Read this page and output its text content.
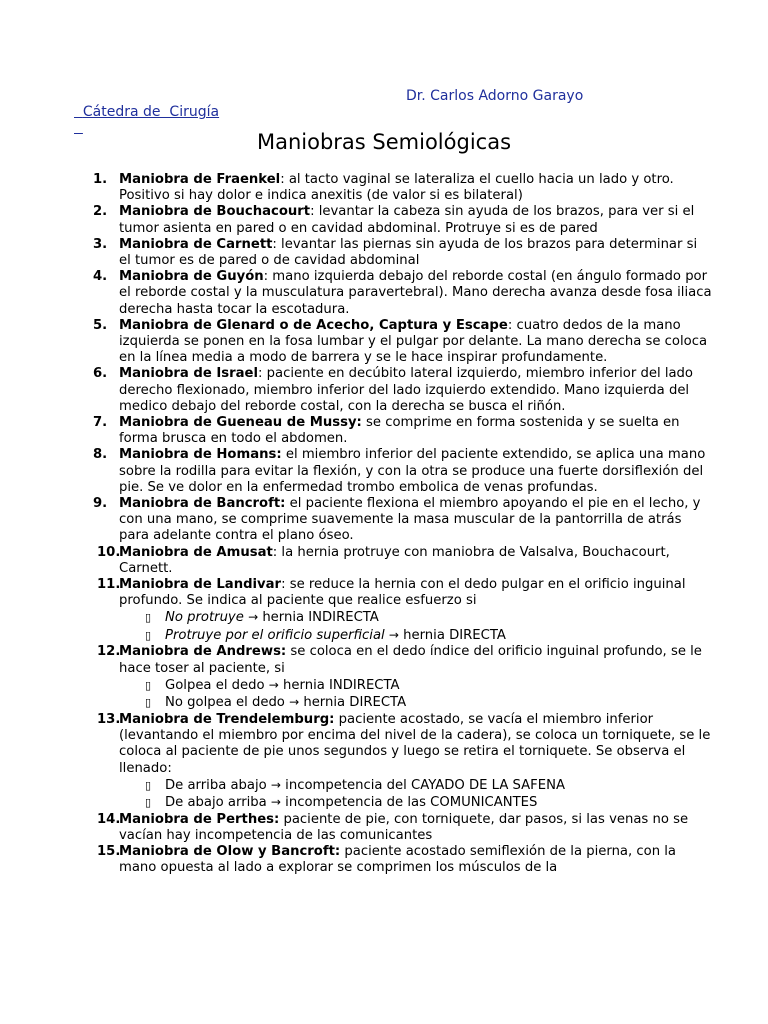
Cátedra de  Cirugía

Dr. Carlos Adorno Garayo

Maniobras Semiológicas
1. Maniobra de Fraenkel: al tacto vaginal se lateraliza el cuello hacia un lado y otro. Positivo si hay dolor e indica anexitis (de valor si es bilateral)
2. Maniobra de Bouchacourt: levantar la cabeza sin ayuda de los brazos, para ver si el tumor asienta en pared o en cavidad abdominal. Protruye si es de pared
3. Maniobra de Carnett: levantar las piernas sin ayuda de los brazos para determinar si el tumor es de pared o de cavidad abdominal
4. Maniobra de Guyón: mano izquierda debajo del reborde costal (en ángulo formado por el reborde costal y la musculatura paravertebral). Mano derecha avanza desde fosa iliaca derecha hasta tocar la escotadura.
5. Maniobra de Glenard o de Acecho, Captura y Escape: cuatro dedos de la mano izquierda se ponen en la fosa lumbar y el pulgar por delante. La mano derecha se coloca en la línea media a modo de barrera y se le hace inspirar profundamente.
6. Maniobra de Israel: paciente en decúbito lateral izquierdo, miembro inferior del lado derecho flexionado, miembro inferior del lado izquierdo extendido. Mano izquierda del medico debajo del reborde costal, con la derecha se busca el riñón.
7. Maniobra de Gueneau de Mussy: se comprime en forma sostenida y se suelta en forma brusca en todo el abdomen.
8. Maniobra de Homans: el miembro inferior del paciente extendido, se aplica una mano sobre la rodilla para evitar la flexión, y con la otra se produce una fuerte dorsiflexión del pie. Se ve dolor en la enfermedad trombo embolica de venas profundas.
9. Maniobra de Bancroft: el paciente flexiona el miembro apoyando el pie en el lecho, y con una mano, se comprime suavemente la masa muscular de la pantorrilla de atrás para adelante contra el plano óseo.
10.
Maniobra de Amusat: la hernia protruye con maniobra de Valsalva, Bouchacourt, Carnett.
11.
Maniobra de Landivar: se reduce la hernia con el dedo pulgar en el orificio inguinal profundo. Se indica al paciente que realice esfuerzo si
▯ No protruye → hernia INDIRECTA
▯ Protruye por el orificio superficial → hernia DIRECTA
12.
Maniobra de Andrews: se coloca en el dedo índice del orificio inguinal profundo, se le hace toser al paciente, si
▯ Golpea el dedo → hernia INDIRECTA
▯ No golpea el dedo → hernia DIRECTA
13.
Maniobra de Trendelemburg: paciente acostado, se vacía el miembro inferior (levantando el miembro por encima del nivel de la cadera), se coloca un torniquete, se le coloca al paciente de pie unos segundos y luego se retira el torniquete. Se observa el llenado:
▯ De arriba abajo → incompetencia del CAYADO DE LA SAFENA
▯ De abajo arriba → incompetencia de las COMUNICANTES
14.
Maniobra de Perthes: paciente de pie, con torniquete, dar pasos, si las venas no se vacían hay incompetencia de las comunicantes
15.
Maniobra de Olow y Bancroft: paciente acostado semiflexión de la pierna, con la mano opuesta al lado a explorar se comprimen los músculos de la
